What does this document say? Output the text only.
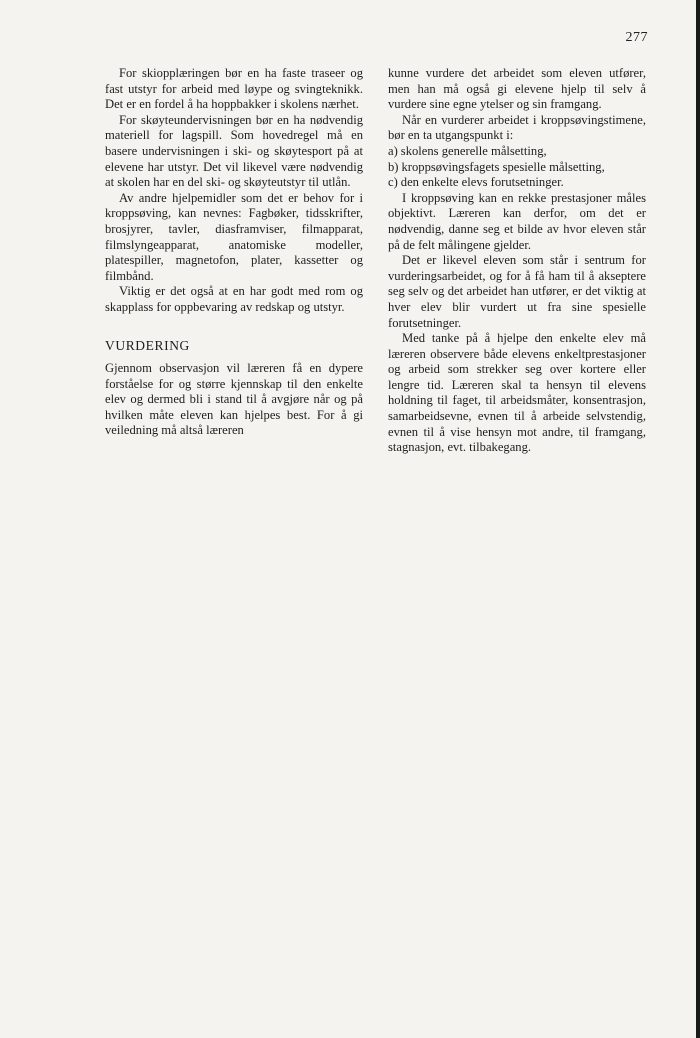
277

For skiopplæringen bør en ha faste traseer og fast utstyr for arbeid med løype og svingteknikk. Det er en fordel å ha hoppbakker i skolens nærhet.

For skøyteundervisningen bør en ha nødvendig materiell for lagspill. Som hovedregel må en basere undervisningen i ski- og skøytesport på at elevene har utstyr. Det vil likevel være nødvendig at skolen har en del ski- og skøyteutstyr til utlån.

Av andre hjelpemidler som det er behov for i kroppsøving, kan nevnes: Fagbøker, tidsskrifter, brosjyrer, tavler, diasframviser, filmapparat, filmslyngeapparat, anatomiske modeller, platespiller, magnetofon, plater, kassetter og filmbånd.

Viktig er det også at en har godt med rom og skapplass for oppbevaring av redskap og utstyr.

VURDERING

Gjennom observasjon vil læreren få en dypere forståelse for og større kjennskap til den enkelte elev og dermed bli i stand til å avgjøre når og på hvilken måte eleven kan hjelpes best. For å gi veiledning må altså læreren

kunne vurdere det arbeidet som eleven utfører, men han må også gi elevene hjelp til selv å vurdere sine egne ytelser og sin framgang.

Når en vurderer arbeidet i kroppsøvingstimene, bør en ta utgangspunkt i:

a) skolens generelle målsetting,

b) kroppsøvingsfagets spesielle målsetting,

c) den enkelte elevs forutsetninger.

I kroppsøving kan en rekke prestasjoner måles objektivt. Læreren kan derfor, om det er nødvendig, danne seg et bilde av hvor eleven står på de felt målingene gjelder.

Det er likevel eleven som står i sentrum for vurderingsarbeidet, og for å få ham til å akseptere seg selv og det arbeidet han utfører, er det viktig at hver elev blir vurdert ut fra sine spesielle forutsetninger.

Med tanke på å hjelpe den enkelte elev må læreren observere både elevens enkeltprestasjoner og arbeid som strekker seg over kortere eller lengre tid. Læreren skal ta hensyn til elevens holdning til faget, til arbeidsmåter, konsentrasjon, samarbeidsevne, evnen til å arbeide selvstendig, evnen til å vise hensyn mot andre, til framgang, stagnasjon, evt. tilbakegang.
